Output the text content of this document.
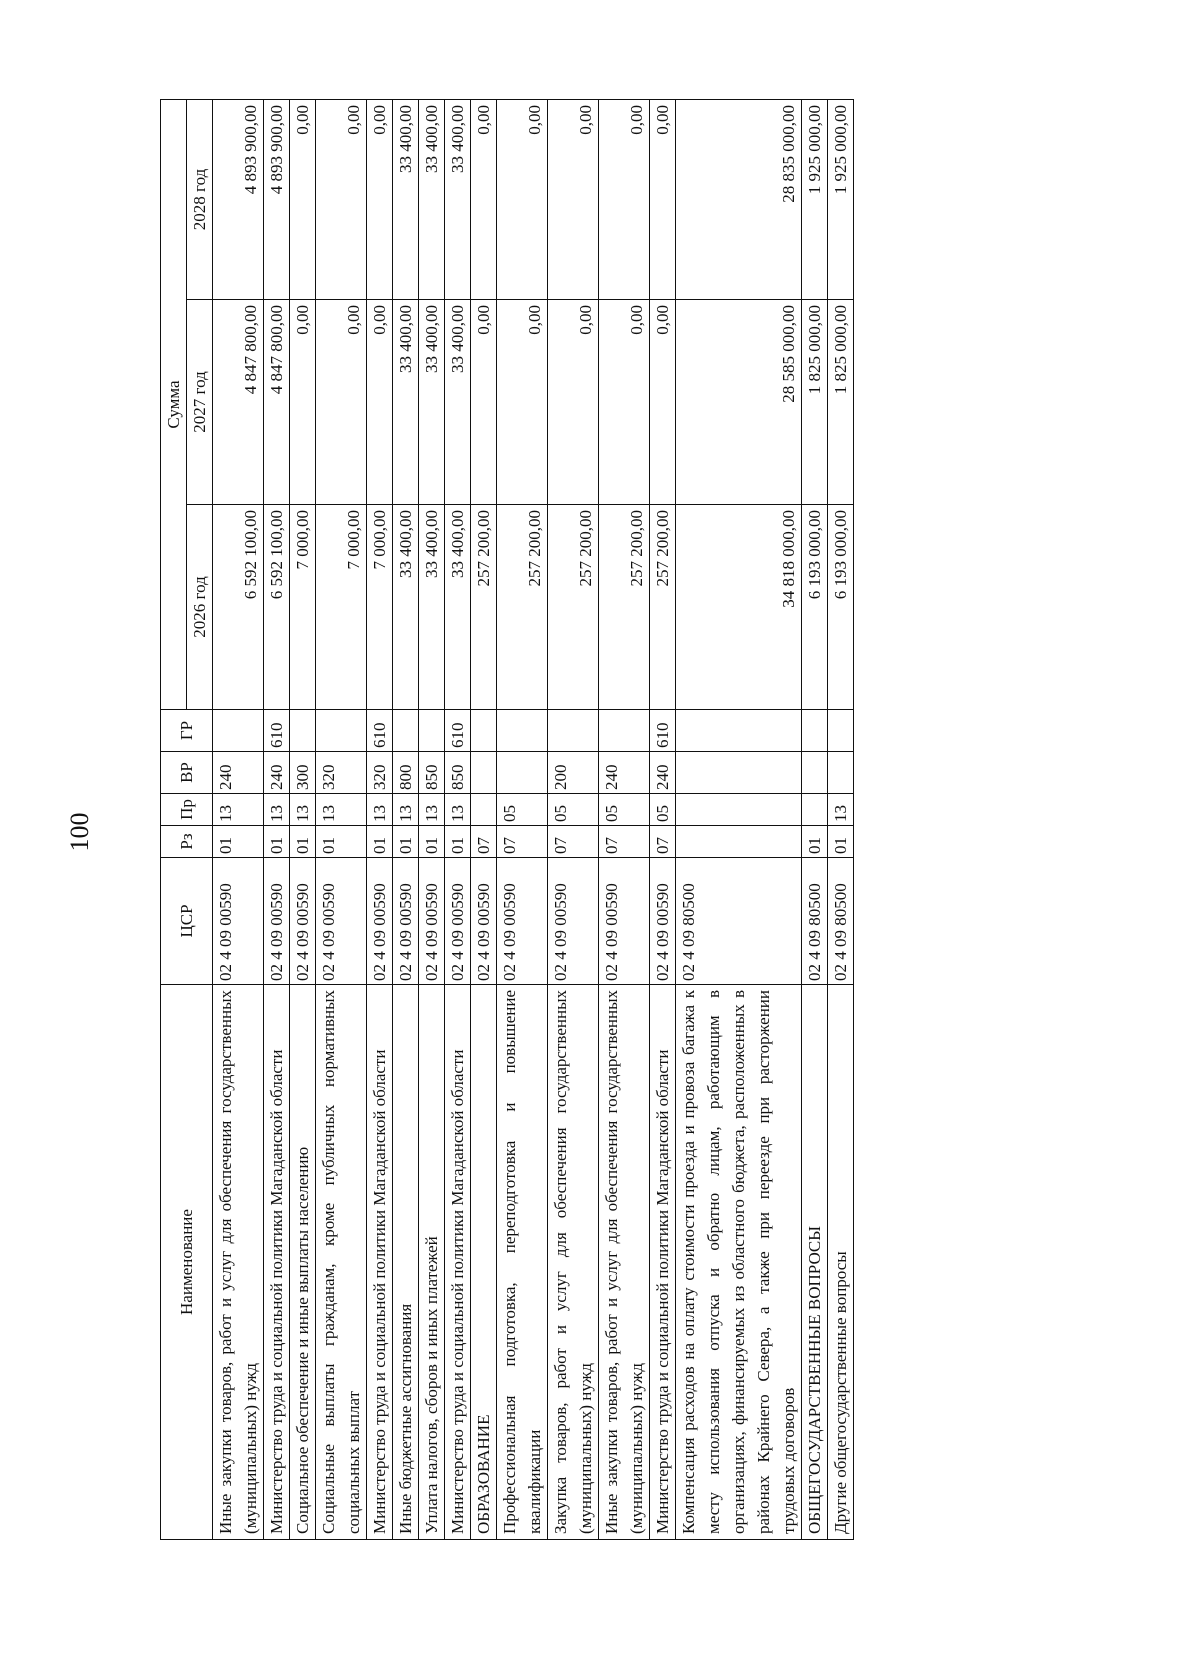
100
Наименование	ЦСР	Рз	Пр	ВР	ГР	Сумма		
						2026 год	2027 год	2028 год
Иные закупки товаров, работ и услуг для обеспечения государственных (муниципальных) нужд	02 4 09 00590	01	13	240		6 592 100,00	4 847 800,00	4 893 900,00
Министерство труда и социальной политики Магаданской области	02 4 09 00590	01	13	240	610	6 592 100,00	4 847 800,00	4 893 900,00
Социальное обеспечение и иные выплаты населению	02 4 09 00590	01	13	300		7 000,00	0,00	0,00
Социальные выплаты гражданам, кроме публичных нормативных социальных выплат	02 4 09 00590	01	13	320		7 000,00	0,00	0,00
Министерство труда и социальной политики Магаданской области	02 4 09 00590	01	13	320	610	7 000,00	0,00	0,00
Иные бюджетные ассигнования	02 4 09 00590	01	13	800		33 400,00	33 400,00	33 400,00
Уплата налогов, сборов и иных платежей	02 4 09 00590	01	13	850		33 400,00	33 400,00	33 400,00
Министерство труда и социальной политики Магаданской области	02 4 09 00590	01	13	850	610	33 400,00	33 400,00	33 400,00
ОБРАЗОВАНИЕ	02 4 09 00590	07				257 200,00	0,00	0,00
Профессиональная подготовка, переподготовка и повышение квалификации	02 4 09 00590	07	05			257 200,00	0,00	0,00
Закупка товаров, работ и услуг для обеспечения государственных (муниципальных) нужд	02 4 09 00590	07	05	200		257 200,00	0,00	0,00
Иные закупки товаров, работ и услуг для обеспечения государственных (муниципальных) нужд	02 4 09 00590	07	05	240		257 200,00	0,00	0,00
Министерство труда и социальной политики Магаданской области	02 4 09 00590	07	05	240	610	257 200,00	0,00	0,00
Компенсация расходов на оплату стоимости проезда и провоза багажа к месту использования отпуска и обратно лицам, работающим в организациях, финансируемых из областного бюджета, расположенных в районах Крайнего Севера, а также при переезде при расторжении трудовых договоров	02 4 09 80500					34 818 000,00	28 585 000,00	28 835 000,00
ОБЩЕГОСУДАРСТВЕННЫЕ ВОПРОСЫ	02 4 09 80500	01				6 193 000,00	1 825 000,00	1 925 000,00
Другие общегосударственные вопросы	02 4 09 80500	01	13			6 193 000,00	1 825 000,00	1 925 000,00
